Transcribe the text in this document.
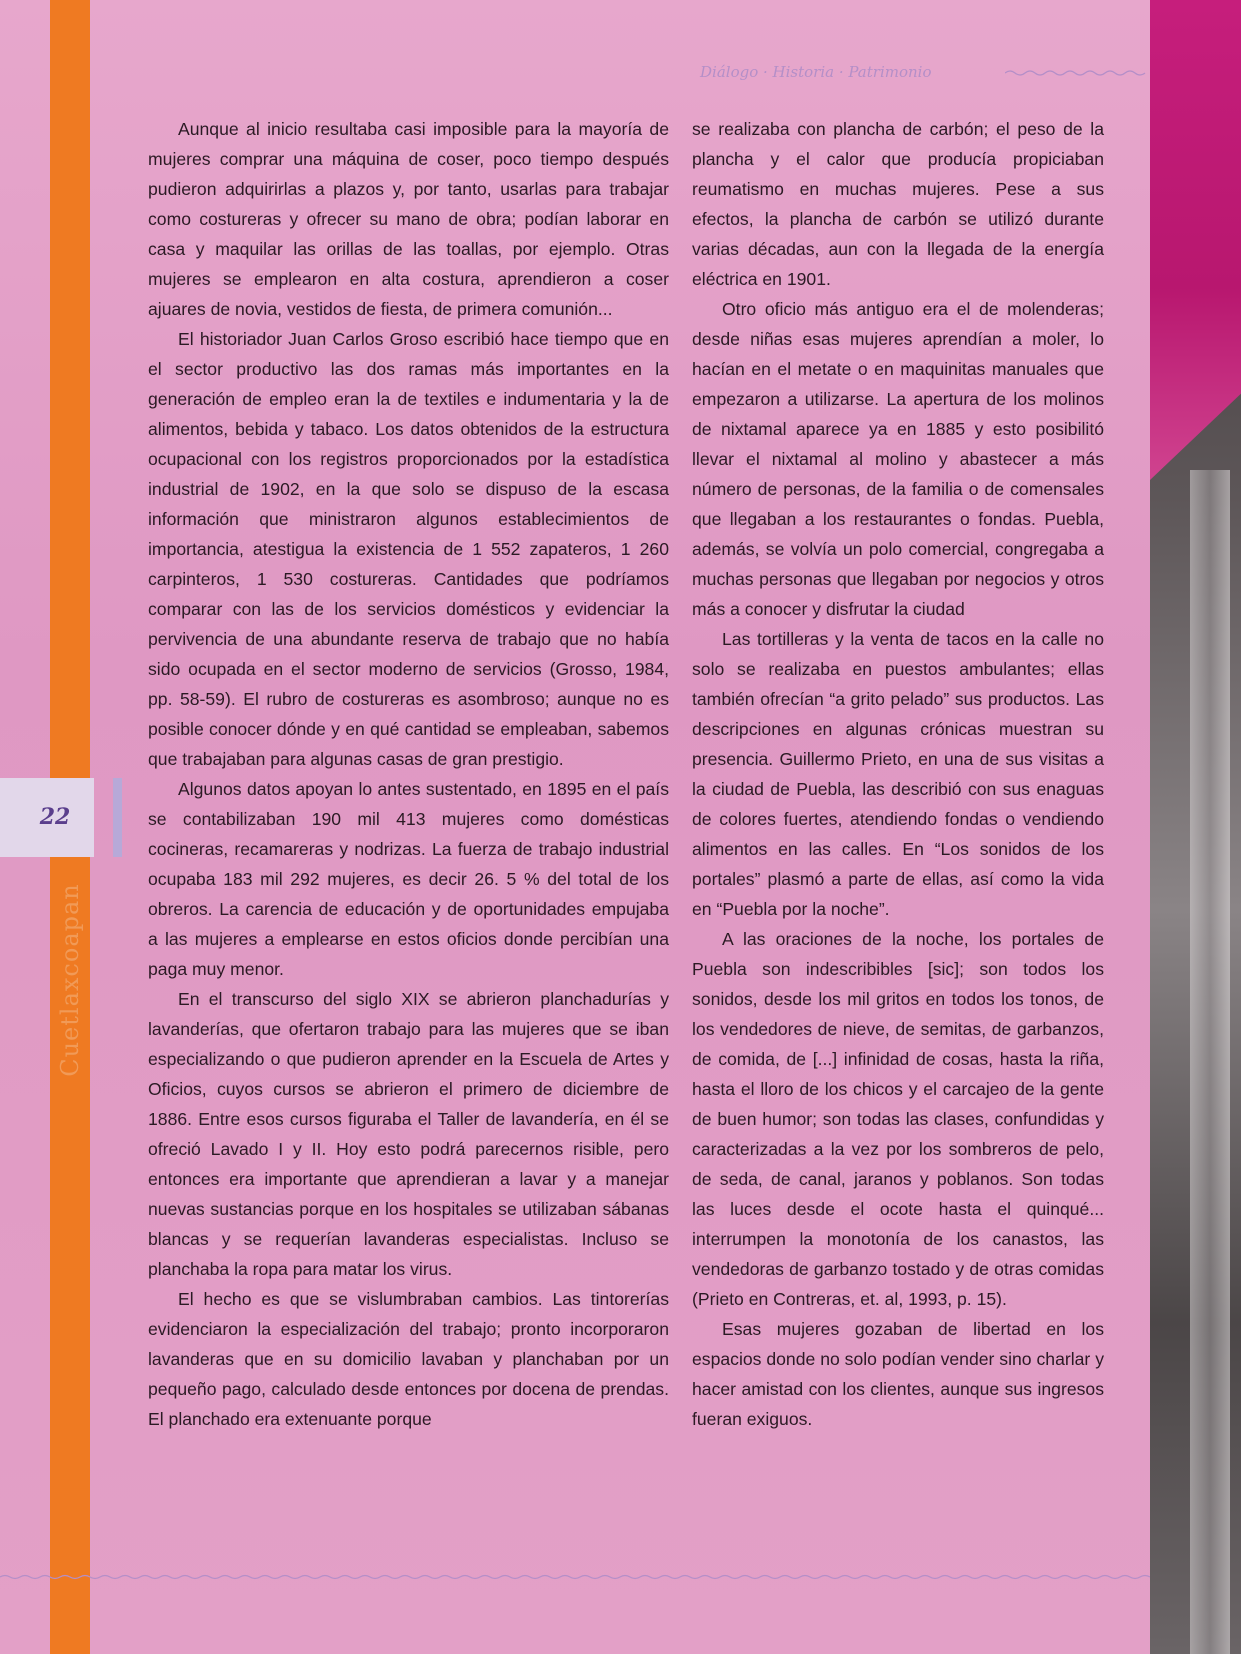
22
Cuetlaxcoapan
Diálogo · Historia · Patrimonio

Aunque al inicio resultaba casi imposible para la mayoría de mujeres comprar una máquina de coser, poco tiempo después pudieron adquirirlas a plazos y, por tanto, usarlas para trabajar como costureras y ofrecer su mano de obra; podían laborar en casa y maquilar las orillas de las toallas, por ejemplo. Otras mujeres se emplearon en alta costura, aprendieron a coser ajuares de novia, vestidos de fiesta, de primera comunión...

El historiador Juan Carlos Groso escribió hace tiempo que en el sector productivo las dos ramas más importantes en la generación de empleo eran la de textiles e indumentaria y la de alimentos, bebida y tabaco. Los datos obtenidos de la estructura ocupacional con los registros proporcionados por la estadística industrial de 1902, en la que solo se dispuso de la escasa información que ministraron algunos establecimientos de importancia, atestigua la existencia de 1 552 zapateros, 1 260 carpinteros, 1 530 costureras. Cantidades que podríamos comparar con las de los servicios domésticos y evidenciar la pervivencia de una abundante reserva de trabajo que no había sido ocupada en el sector moderno de servicios (Grosso, 1984, pp. 58-59). El rubro de costureras es asombroso; aunque no es posible conocer dónde y en qué cantidad se empleaban, sabemos que trabajaban para algunas casas de gran prestigio.

Algunos datos apoyan lo antes sustentado, en 1895 en el país se contabilizaban 190 mil 413 mujeres como domésticas cocineras, recamareras y nodrizas. La fuerza de trabajo industrial ocupaba 183 mil 292 mujeres, es decir 26. 5 % del total de los obreros. La carencia de educación y de oportunidades empujaba a las mujeres a emplearse en estos oficios donde percibían una paga muy menor.

En el transcurso del siglo XIX se abrieron planchadurías y lavanderías, que ofertaron trabajo para las mujeres que se iban especializando o que pudieron aprender en la Escuela de Artes y Oficios, cuyos cursos se abrieron el primero de diciembre de 1886. Entre esos cursos figuraba el Taller de lavandería, en él se ofreció Lavado I y II. Hoy esto podrá parecernos risible, pero entonces era importante que aprendieran a lavar y a manejar nuevas sustancias porque en los hospitales se utilizaban sábanas blancas y se requerían lavanderas especialistas. Incluso se planchaba la ropa para matar los virus.

El hecho es que se vislumbraban cambios. Las tintorerías evidenciaron la especialización del trabajo; pronto incorporaron lavanderas que en su domicilio lavaban y planchaban por un pequeño pago, calculado desde entonces por docena de prendas. El planchado era extenuante porque

se realizaba con plancha de carbón; el peso de la plancha y el calor que producía propiciaban reumatismo en muchas mujeres. Pese a sus efectos, la plancha de carbón se utilizó durante varias décadas, aun con la llegada de la energía eléctrica en 1901.

Otro oficio más antiguo era el de molenderas; desde niñas esas mujeres aprendían a moler, lo hacían en el metate o en maquinitas manuales que empezaron a utilizarse. La apertura de los molinos de nixtamal aparece ya en 1885 y esto posibilitó llevar el nixtamal al molino y abastecer a más número de personas, de la familia o de comensales que llegaban a los restaurantes o fondas. Puebla, además, se volvía un polo comercial, congregaba a muchas personas que llegaban por negocios y otros más a conocer y disfrutar la ciudad

Las tortilleras y la venta de tacos en la calle no solo se realizaba en puestos ambulantes; ellas también ofrecían “a grito pelado” sus productos. Las descripciones en algunas crónicas muestran su presencia. Guillermo Prieto, en una de sus visitas a la ciudad de Puebla, las describió con sus enaguas de colores fuertes, atendiendo fondas o vendiendo alimentos en las calles. En “Los sonidos de los portales” plasmó a parte de ellas, así como la vida en “Puebla por la noche”.

A las oraciones de la noche, los portales de Puebla son indescribibles [sic]; son todos los sonidos, desde los mil gritos en todos los tonos, de los vendedores de nieve, de semitas, de garbanzos, de comida, de [...] infinidad de cosas, hasta la riña, hasta el lloro de los chicos y el carcajeo de la gente de buen humor; son todas las clases, confundidas y caracterizadas a la vez por los sombreros de pelo, de seda, de canal, jaranos y poblanos. Son todas las luces desde el ocote hasta el quinqué... interrumpen la monotonía de los canastos, las vendedoras de garbanzo tostado y de otras comidas (Prieto en Contreras, et. al, 1993, p. 15).

Esas mujeres gozaban de libertad en los espacios donde no solo podían vender sino charlar y hacer amistad con los clientes, aunque sus ingresos fueran exiguos.
